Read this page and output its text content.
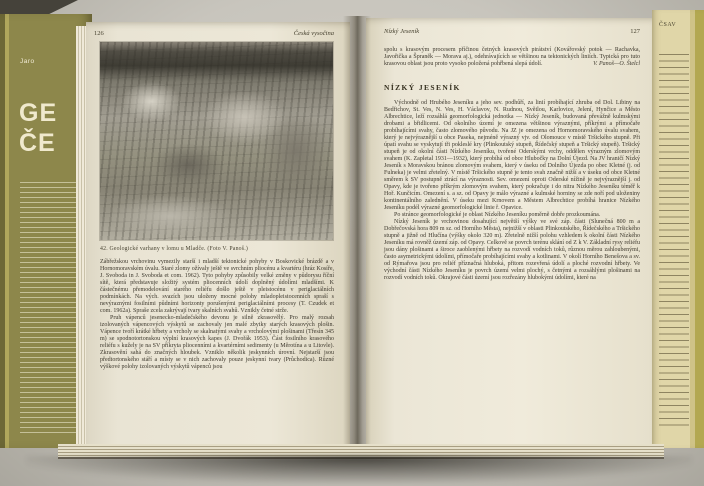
Jaro
GE
ČE
126	Česká vysočina
42. Geologické varhany v lomu u Mladče. (Foto V. Panoš.)

Zábřežskou vrchovinu vymezily starší i mladší tektonické pohyby v Boskovické brázdě a v Hornomoravském úvalu. Staré zlomy ožívaly ještě ve svrchním pliocénu a kvartéru (hráz Kosíře, J. Svoboda in J. Svoboda et com. 1962). Tyto pohyby způsobily velké změny v půdorysu říční sítě, která představuje složitý systém pliocenních údolí doplněný údolími mladšími. K částečnému přemodelování starého reliéfu došlo ještě v pleistocénu v periglaciálních podmínkách. Na vých. svazích jsou uloženy mocné polohy mladopleistocenních spraší s nevýraznými fosilními půdními horizonty porušenými periglaciálními procesy (T. Czudek et com. 1962a). Spraše zcela zakrývají tvary skalních svahů. Vznikly četné strže.

Pruh vápenců jesenecko-mladečského devonu je silně zkrasovělý. Pro malý rozsah izolovaných vápencových výskytů se zachovaly jen malé zbytky starých krasových plošin. Vápence tvoří krátké hřbety a vrcholy se skalnatými svahy a vrcholovými plošinami (Třesín 345 m) se spodnotortonskou výplní krasových kapes (J. Dvořák 1953). Část fosilního krasového reliéfu s kužely je na SV příkryta pliocenními a kvartérními sedimenty (u Měrotína a u Litovle). Zkrasovění sahá do značných hloubek. Vzniklo několik jeskynních úrovní. Nejstarší jsou předtortonského stáří a místy se v nich zachovaly pouze jeskynní tvary (Průchodica). Různé výškové polohy izolovaných výskytů vápenců jsou

Nízký Jeseník	127

spolu s krasovým procesem příčinou četných krasových pirátství (Kovářovský potok — Rachavka, Javořička a Špraněk — Morava aj.), odehrávajících se většinou na tektonických liniích. Typická pro tuto krasovou oblast jsou proto vysoko položená pohřbená slepá údolí.	V. Panoš—O. Štelcl
NÍZKÝ JESENÍK

Východně od Hrubého Jeseníku a jeho sev. podhůří, za linií probíhající zhruba od Dol. Libiny na Bedřichov, St. Ves, N. Ves, H. Václavov, N. Rudnou, Světlou, Karlovice, Jelení, Hynčice a Město Albrechtice, leží rozsáhlá geomorfologická jednotka — Nízký Jeseník, budovaná převážně kulmskými drobami a břidlicemi. Od okolního území je omezena většinou výraznými, příkrými a přímočaře probíhajícími svahy, často zlomového původu. Na JZ je omezena od Hornomoravského úvalu svahem, který je nejvýraznější u obce Paseka, nejméně výrazný vjv. od Olomouce v místě Tršického stupně. Při úpatí svahu se vyskytují tři pokleslé kry (Plinkoutský stupeň, Řídečský stupeň a Tršický stupeň). Tršický stupeň je od okolní části Nízkého Jeseníku, tvořené Oderskými vrchy, oddělen výrazným zlomovým svahem (K. Zapletal 1931—1932), který probíhá od obce Hlubočky na Dolní Újezd. Na JV hraničí Nízký Jeseník s Moravskou bránou zlomovým svahem, který v úseku od Dolního Újezda po obec Kletné (j. od Fulneka) je velmi zřetelný. V místě Tršického stupně je tento svah značně nižší a v úseku od obce Kletné směrem k SV postupně ztrácí na výraznosti. Sev. omezení oproti Oderské nížině je nejvýraznější j. od Opavy, kde je tvořeno příkrým zlomovým svahem, který pokračuje i do nitra Nízkého Jeseníku téměř k Hoř. Kunčicím. Omezení s. a sz. od Opavy je málo výrazné a kulmské horniny se zde noří pod uloženiny kontinentálního zalednění. V úseku mezi Krnovem a Městem Albrechtice probíhá hranice Nízkého Jeseníku podél výrazné geomorfologické linie ř. Opavice.

Po stránce geomorfologické je oblast Nízkého Jeseníku poměrně dobře prozkoumána.

Nízký Jeseník je vrchovinou dosahující největší výšky ve své záp. části (Slunečná 800 m a Dobřečovská hora 809 m sz. od Horního Města), nejnižší v oblasti Plinkoutského, Řídečského a Tršického stupně a jižně od Hlučína (výšky okolo 320 m). Zřetelně nižší polohu vzhledem k okolní části Nízkého Jeseníku má rovněž území záp. od Opavy. Celkově se povrch terénu sklání od Z k V. Základní rysy reliéfu jsou dány plošinami a široce zaoblenými hřbety na rozvodí vodních toků, různou měrou zahloubenými, často asymetrickými údolími, přímočaře probíhajícími svahy a kotlinami. V okolí Horního Benešova a sv. od Rýmařova jsou pro reliéf příznačná hluboká, přitom rozevřená údolí a ploché rozvodní hřbety. Ve východní části Nízkého Jeseníku je povrch území velmi plochý, s četnými a rozsáhlými plošinami na rozvodí vodních toků. Okrajové části území jsou rozřezány hlubokými údolími, které na

ČSAV
